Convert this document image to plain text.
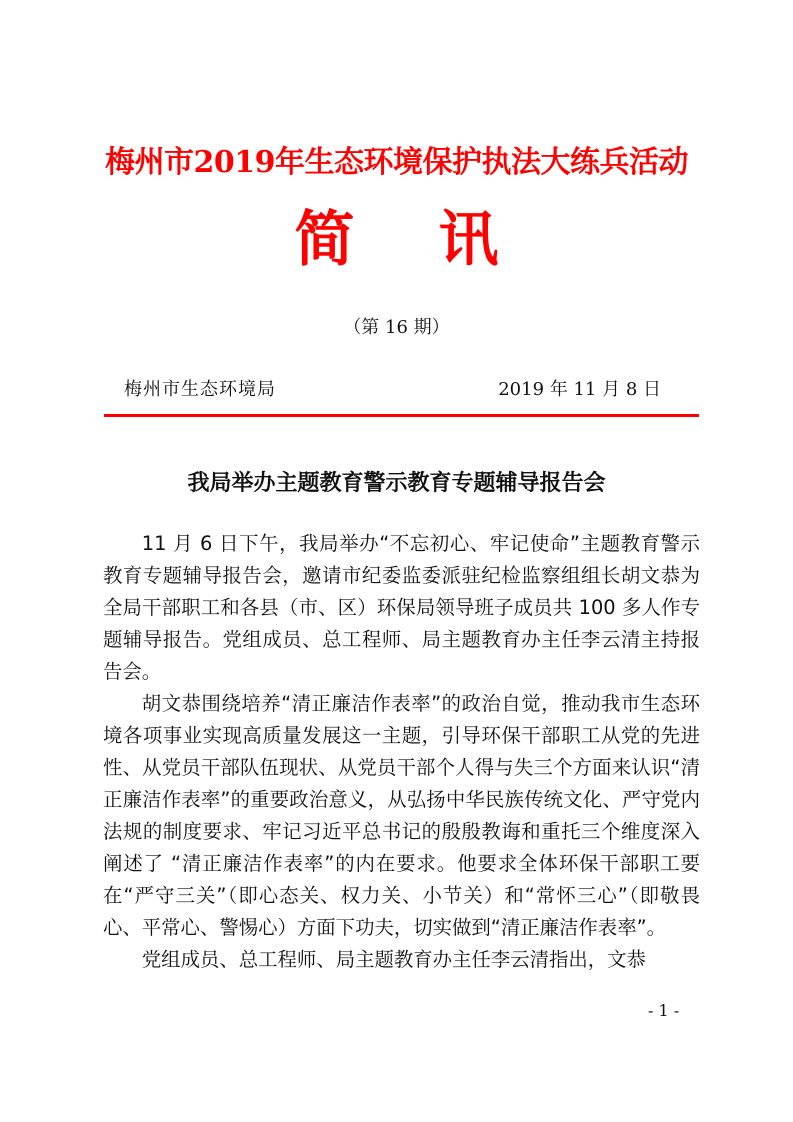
梅州市2019年生态环境保护执法大练兵活动
简 讯
（第 16 期）
梅州市生态环境局	2019 年 11 月 8 日
我局举办主题教育警示教育专题辅导报告会

11 月 6 日下午，我局举办“不忘初心、牢记使命”主题教育警示教育专题辅导报告会，邀请市纪委监委派驻纪检监察组组长胡文恭为全局干部职工和各县（市、区）环保局领导班子成员共 100 多人作专题辅导报告。党组成员、总工程师、局主题教育办主任李云清主持报告会。

胡文恭围绕培养“清正廉洁作表率”的政治自觉，推动我市生态环境各项事业实现高质量发展这一主题，引导环保干部职工从党的先进性、从党员干部队伍现状、从党员干部个人得与失三个方面来认识“清正廉洁作表率”的重要政治意义，从弘扬中华民族传统文化、严守党内法规的制度要求、牢记习近平总书记的殷殷教诲和重托三个维度深入阐述了 “清正廉洁作表率”的内在要求。他要求全体环保干部职工要在“严守三关”（即心态关、权力关、小节关）和“常怀三心”（即敬畏心、平常心、警惕心）方面下功夫，切实做到“清正廉洁作表率”。

党组成员、总工程师、局主题教育办主任李云清指出，文恭

- 1 -
